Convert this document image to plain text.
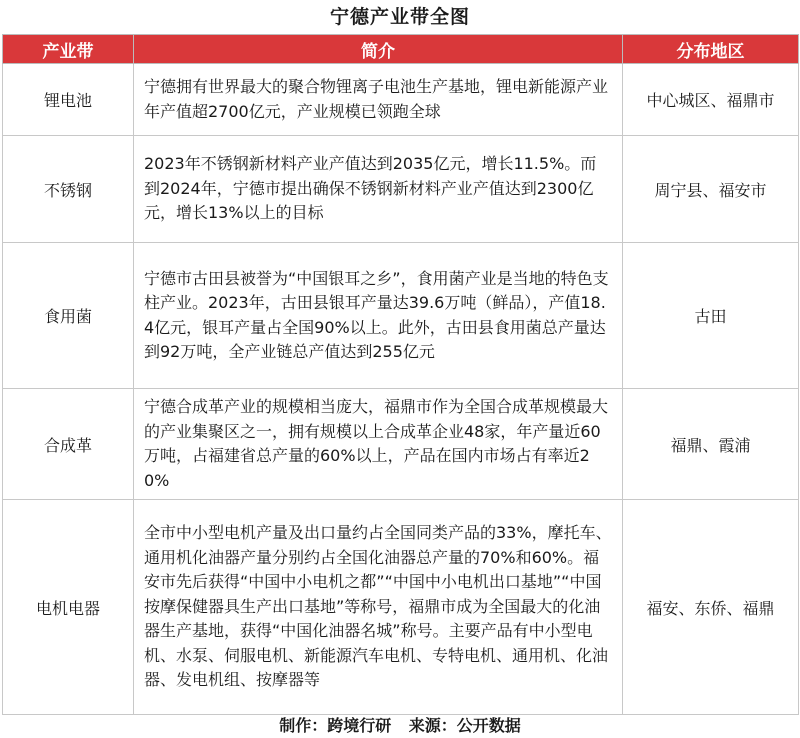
宁德产业带全图
产业带	简介	分布地区
锂电池	宁德拥有世界最大的聚合物锂离子电池生产基地，锂电新能源产业年产值超2700亿元，产业规模已领跑全球	中心城区、福鼎市
不锈钢	2023年不锈钢新材料产业产值达到2035亿元，增长11.5%。而到2024年，宁德市提出确保不锈钢新材料产业产值达到2300亿元，增长13%以上的目标	周宁县、福安市
食用菌	宁德市古田县被誉为“中国银耳之乡”，食用菌产业是当地的特色支柱产业。2023年，古田县银耳产量达39.6万吨（鲜品），产值18.4亿元，银耳产量占全国90%以上。此外，古田县食用菌总产量达到92万吨，全产业链总产值达到255亿元	古田
合成革	宁德合成革产业的规模相当庞大，福鼎市作为全国合成革规模最大的产业集聚区之一，拥有规模以上合成革企业48家，年产量近60万吨，占福建省总产量的60%以上，产品在国内市场占有率近20%	福鼎、霞浦
电机电器	全市中小型电机产量及出口量约占全国同类产品的33%，摩托车、通用机化油器产量分别约占全国化油器总产量的70%和60%。福安市先后获得“中国中小电机之都”“中国中小电机出口基地”“中国按摩保健器具生产出口基地”等称号，福鼎市成为全国最大的化油器生产基地，获得“中国化油器名城”称号。主要产品有中小型电机、水泵、伺服电机、新能源汽车电机、专特电机、通用机、化油器、发电机组、按摩器等	福安、东侨、福鼎
制作：跨境行研 来源：公开数据
